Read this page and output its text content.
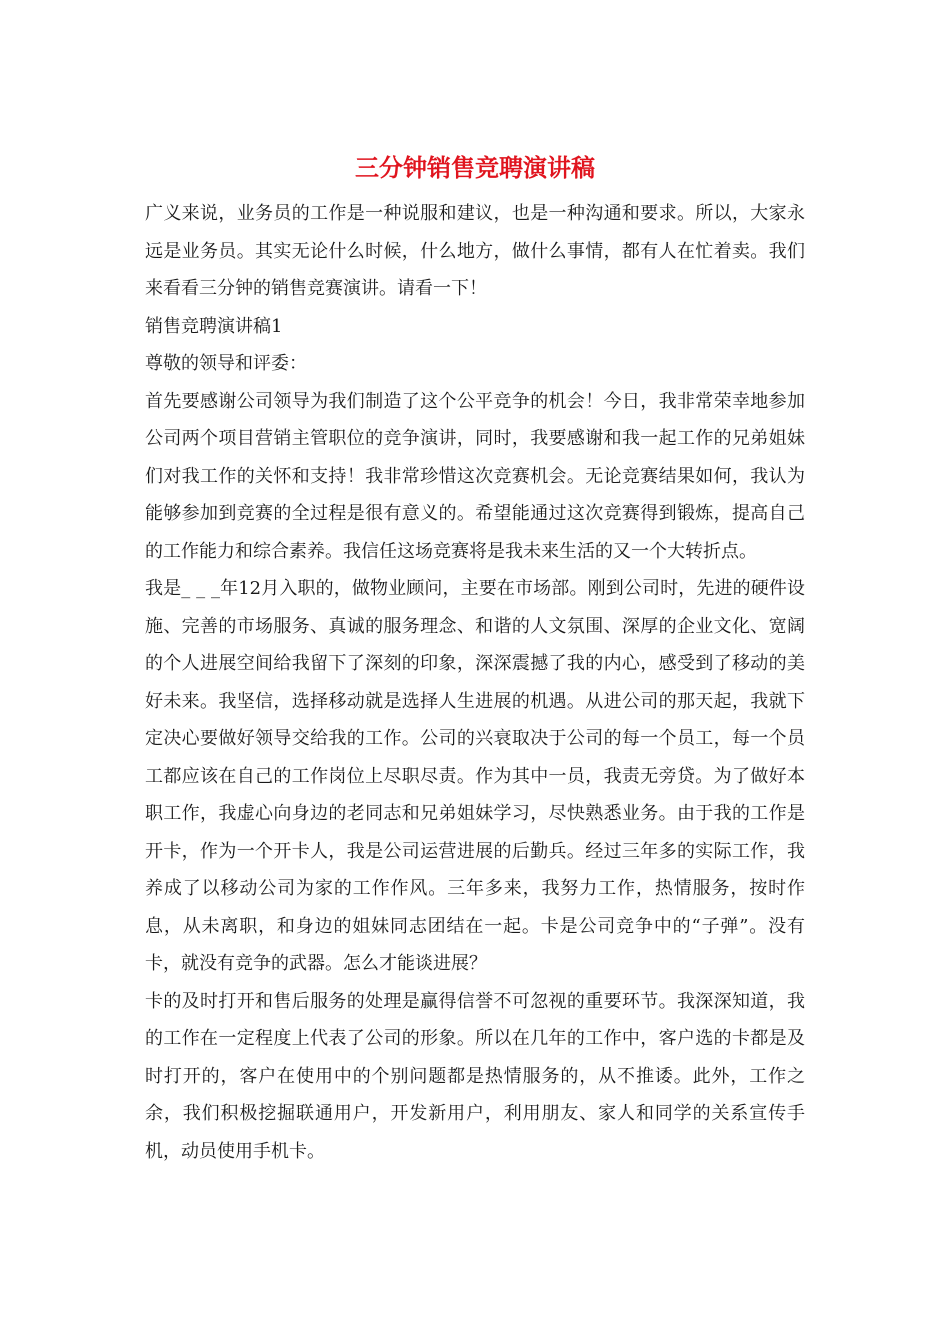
三分钟销售竞聘演讲稿

广义来说，业务员的工作是一种说服和建议，也是一种沟通和要求。所以，大家永远是业务员。其实无论什么时候，什么地方，做什么事情，都有人在忙着卖。我们来看看三分钟的销售竞赛演讲。请看一下！

销售竞聘演讲稿1

尊敬的领导和评委：

首先要感谢公司领导为我们制造了这个公平竞争的机会！今日，我非常荣幸地参加公司两个项目营销主管职位的竞争演讲，同时，我要感谢和我一起工作的兄弟姐妹们对我工作的关怀和支持！我非常珍惜这次竞赛机会。无论竞赛结果如何，我认为能够参加到竞赛的全过程是很有意义的。希望能通过这次竞赛得到锻炼，提高自己的工作能力和综合素养。我信任这场竞赛将是我未来生活的又一个大转折点。

我是_ _ _年12月入职的，做物业顾问，主要在市场部。刚到公司时，先进的硬件设施、完善的市场服务、真诚的服务理念、和谐的人文氛围、深厚的企业文化、宽阔的个人进展空间给我留下了深刻的印象，深深震撼了我的内心，感受到了移动的美好未来。我坚信，选择移动就是选择人生进展的机遇。从进公司的那天起，我就下定决心要做好领导交给我的工作。公司的兴衰取决于公司的每一个员工，每一个员工都应该在自己的工作岗位上尽职尽责。作为其中一员，我责无旁贷。为了做好本职工作，我虚心向身边的老同志和兄弟姐妹学习，尽快熟悉业务。由于我的工作是开卡，作为一个开卡人，我是公司运营进展的后勤兵。经过三年多的实际工作，我养成了以移动公司为家的工作作风。三年多来，我努力工作，热情服务，按时作息，从未离职，和身边的姐妹同志团结在一起。卡是公司竞争中的“子弹”。没有卡，就没有竞争的武器。怎么才能谈进展？

卡的及时打开和售后服务的处理是赢得信誉不可忽视的重要环节。我深深知道，我的工作在一定程度上代表了公司的形象。所以在几年的工作中，客户选的卡都是及时打开的，客户在使用中的个别问题都是热情服务的，从不推诿。此外，工作之余，我们积极挖掘联通用户，开发新用户，利用朋友、家人和同学的关系宣传手机，动员使用手机卡。
